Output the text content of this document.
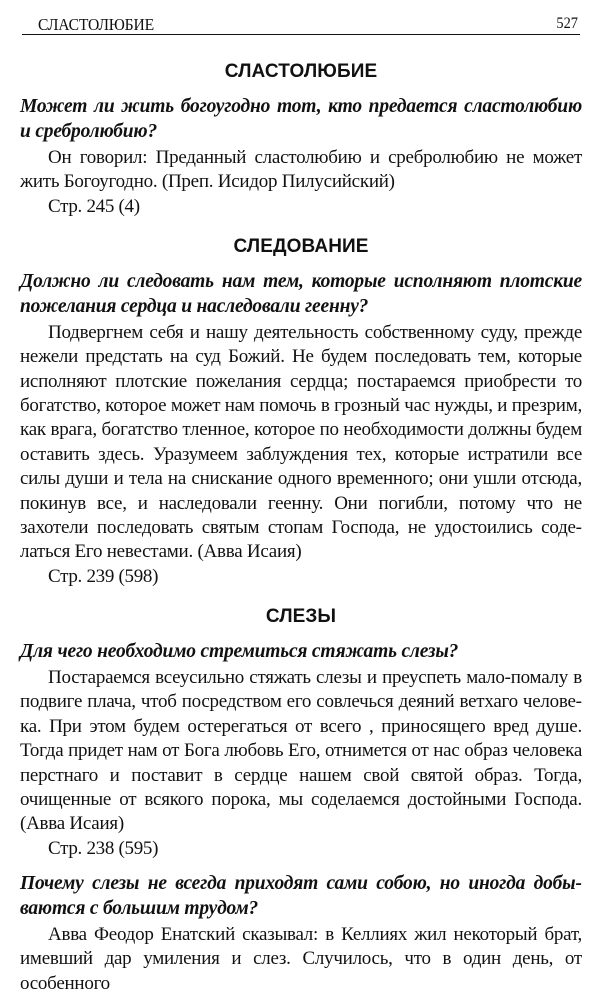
СЛАСТОЛЮБИЕ	527
СЛАСТОЛЮБИЕ

Может ли жить богоугодно тот, кто предается сластолюбию и сребролюбию?

Он говорил: Преданный сластолюбию и сребролюбию не может жить Богоугодно. (Преп. Исидор Пилусийский)

Стр. 245 (4)

СЛЕДОВАНИЕ

Должно ли следовать нам тем, которые исполняют плотские пожелания сердца и наследовали геенну?

Подвергнем себя и нашу деятельность собственному суду, прежде нежели предстать на суд Божий. Не будем последовать тем, которые исполняют плотские пожелания сердца; постараемся приобрести то богатство, которое может нам помочь в грозный час нужды, и презрим, как врага, богатство тленное, которое по необходимости должны будем оставить здесь. Уразумеем заблуждения тех, которые истратили все силы души и тела на снискание одного временного; они ушли отсюда, покинув все, и наследовали геенну. Они погибли, потому что не захотели последовать святым стопам Господа, не удостоились соделаться Его невестами. (Авва Исаия)

Стр. 239 (598)

СЛЕЗЫ

Для чего необходимо стремиться стяжать слезы?

Постараемся всеусильно стяжать слезы и преуспеть мало-помалу в подвиге плача, чтоб посредством его совлечься деяний ветхаго человека. При этом будем остерегаться от всего , приносящего вред душе. Тогда придет нам от Бога любовь Его, отнимется от нас образ человека перстнаго и поставит в сердце нашем свой святой образ. Тогда, очищенные от всякого порока, мы соделаемся достойными Господа. (Авва Исаия)

Стр. 238 (595)

Почему слезы не всегда приходят сами собою, но иногда добываются с большим трудом?

Авва Феодор Енатский сказывал: в Келлиях жил некоторый брат, имевший дар умиления и слез. Случилось, что в один день, от особенного
